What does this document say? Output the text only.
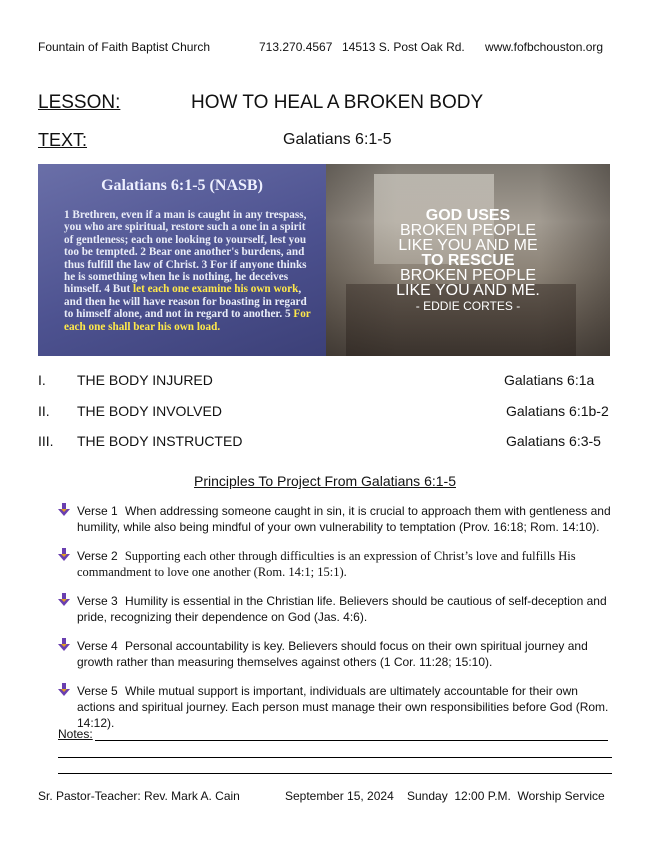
Fountain of Faith Baptist Church	713.270.4567 14513 S. Post Oak Rd. www.fofbchouston.org
LESSON:	HOW TO HEAL A BROKEN BODY
TEXT:	Galatians 6:1-5
Galatians 6:1-5 (NASB)
1 Brethren, even if a man is caught in any trespass, you who are spiritual, restore such a one in a spirit of gentleness; each one looking to yourself, lest you too be tempted. 2 Bear one another's burdens, and thus fulfill the law of Christ. 3 For if anyone thinks he is something when he is nothing, he deceives himself. 4 But let each one examine his own work, and then he will have reason for boasting in regard to himself alone, and not in regard to another. 5 For each one shall bear his own load.
GOD USES
BROKEN PEOPLE
LIKE YOU AND ME
TO RESCUE
BROKEN PEOPLE
LIKE YOU AND ME.
- EDDIE CORTES -
I. THE BODY INJURED	Galatians 6:1a
II. THE BODY INVOLVED	Galatians 6:1b-2
III. THE BODY INSTRUCTED	Galatians 6:3-5
Principles To Project From Galatians 6:1-5
Verse 1 When addressing someone caught in sin, it is crucial to approach them with gentleness and humility, while also being mindful of your own vulnerability to temptation (Prov. 16:18; Rom. 14:10).
Verse 2 Supporting each other through difficulties is an expression of Christ’s love and fulfills His commandment to love one another (Rom. 14:1; 15:1).
Verse 3 Humility is essential in the Christian life. Believers should be cautious of self-deception and pride, recognizing their dependence on God (Jas. 4:6).
Verse 4 Personal accountability is key. Believers should focus on their own spiritual journey and growth rather than measuring themselves against others (1 Cor. 11:28; 15:10).
Verse 5 While mutual support is important, individuals are ultimately accountable for their own actions and spiritual journey. Each person must manage their own responsibilities before God (Rom. 14:12).
Notes:
Sr. Pastor-Teacher: Rev. Mark A. Cain	September 15, 2024 Sunday  12:00 P.M.  Worship Service
